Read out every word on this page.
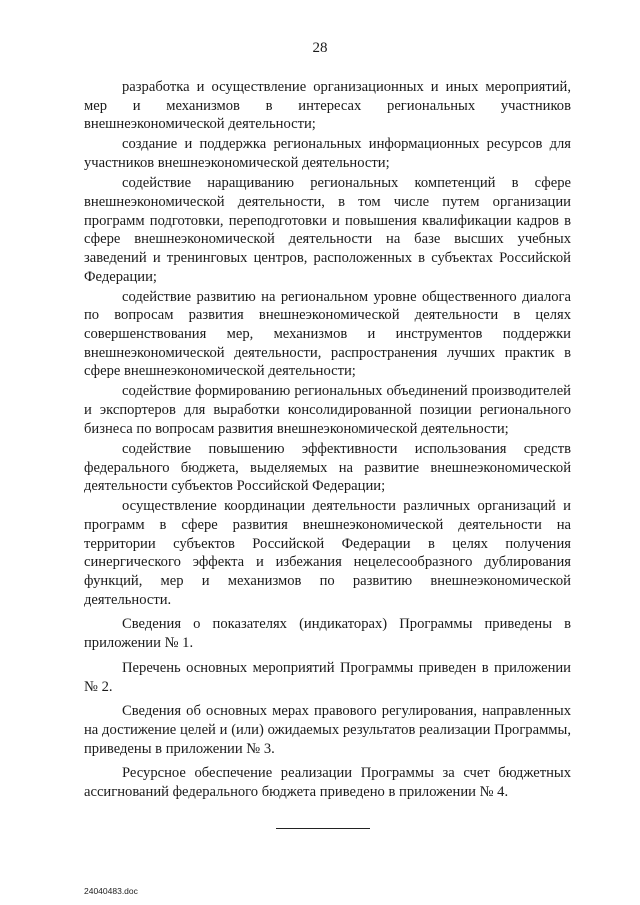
28

разработка и осуществление организационных и иных мероприятий, мер и механизмов в интересах региональных участников внешнеэкономической деятельности;

создание и поддержка региональных информационных ресурсов для участников внешнеэкономической деятельности;

содействие наращиванию региональных компетенций в сфере внешнеэкономической деятельности, в том числе путем организации программ подготовки, переподготовки и повышения квалификации кадров в сфере внешнеэкономической деятельности на базе высших учебных заведений и тренинговых центров, расположенных в субъектах Российской Федерации;

содействие развитию на региональном уровне общественного диалога по вопросам развития внешнеэкономической деятельности в целях совершенствования мер, механизмов и инструментов поддержки внешнеэкономической деятельности, распространения лучших практик в сфере внешнеэкономической деятельности;

содействие формированию региональных объединений производителей и экспортеров для выработки консолидированной позиции регионального бизнеса по вопросам развития внешнеэкономической деятельности;

содействие повышению эффективности использования средств федерального бюджета, выделяемых на развитие внешнеэкономической деятельности субъектов Российской Федерации;

осуществление координации деятельности различных организаций и программ в сфере развития внешнеэкономической деятельности на территории субъектов Российской Федерации в целях получения синергического эффекта и избежания нецелесообразного дублирования функций, мер и механизмов по развитию внешнеэкономической деятельности.

Сведения о показателях (индикаторах) Программы приведены в приложении № 1.

Перечень основных мероприятий Программы приведен в приложении № 2.

Сведения об основных мерах правового регулирования, направленных на достижение целей и (или) ожидаемых результатов реализации Программы, приведены в приложении № 3.

Ресурсное обеспечение реализации Программы за счет бюджетных ассигнований федерального бюджета приведено в приложении № 4.

24040483.doc
